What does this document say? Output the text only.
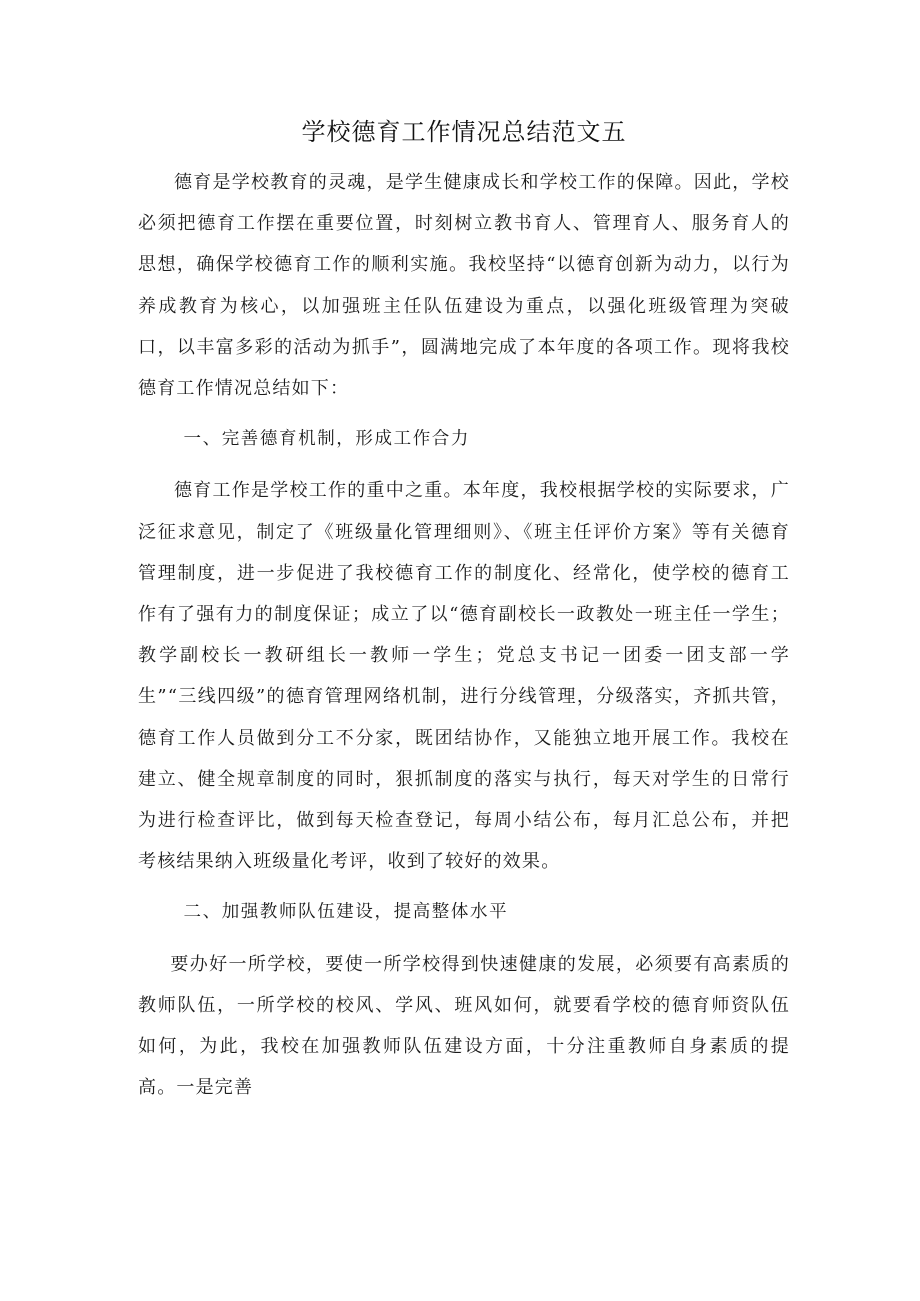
学校德育工作情况总结范文五

德育是学校教育的灵魂，是学生健康成长和学校工作的保障。因此，学校必须把德育工作摆在重要位置，时刻树立教书育人、管理育人、服务育人的思想，确保学校德育工作的顺利实施。我校坚持“以德育创新为动力，以行为养成教育为核心，以加强班主任队伍建设为重点，以强化班级管理为突破口，以丰富多彩的活动为抓手”，圆满地完成了本年度的各项工作。现将我校德育工作情况总结如下：

一、完善德育机制，形成工作合力

德育工作是学校工作的重中之重。本年度，我校根据学校的实际要求，广泛征求意见，制定了《班级量化管理细则》、《班主任评价方案》等有关德育管理制度，进一步促进了我校德育工作的制度化、经常化，使学校的德育工作有了强有力的制度保证；成立了以“德育副校长一政教处一班主任一学生；教学副校长一教研组长一教师一学生；党总支书记一团委一团支部一学生”“三线四级”的德育管理网络机制，进行分线管理，分级落实，齐抓共管，德育工作人员做到分工不分家，既团结协作，又能独立地开展工作。我校在建立、健全规章制度的同时，狠抓制度的落实与执行，每天对学生的日常行为进行检查评比，做到每天检查登记，每周小结公布，每月汇总公布，并把考核结果纳入班级量化考评，收到了较好的效果。

二、加强教师队伍建设，提高整体水平

要办好一所学校，要使一所学校得到快速健康的发展，必须要有高素质的教师队伍，一所学校的校风、学风、班风如何，就要看学校的德育师资队伍如何，为此，我校在加强教师队伍建设方面，十分注重教师自身素质的提高。一是完善
